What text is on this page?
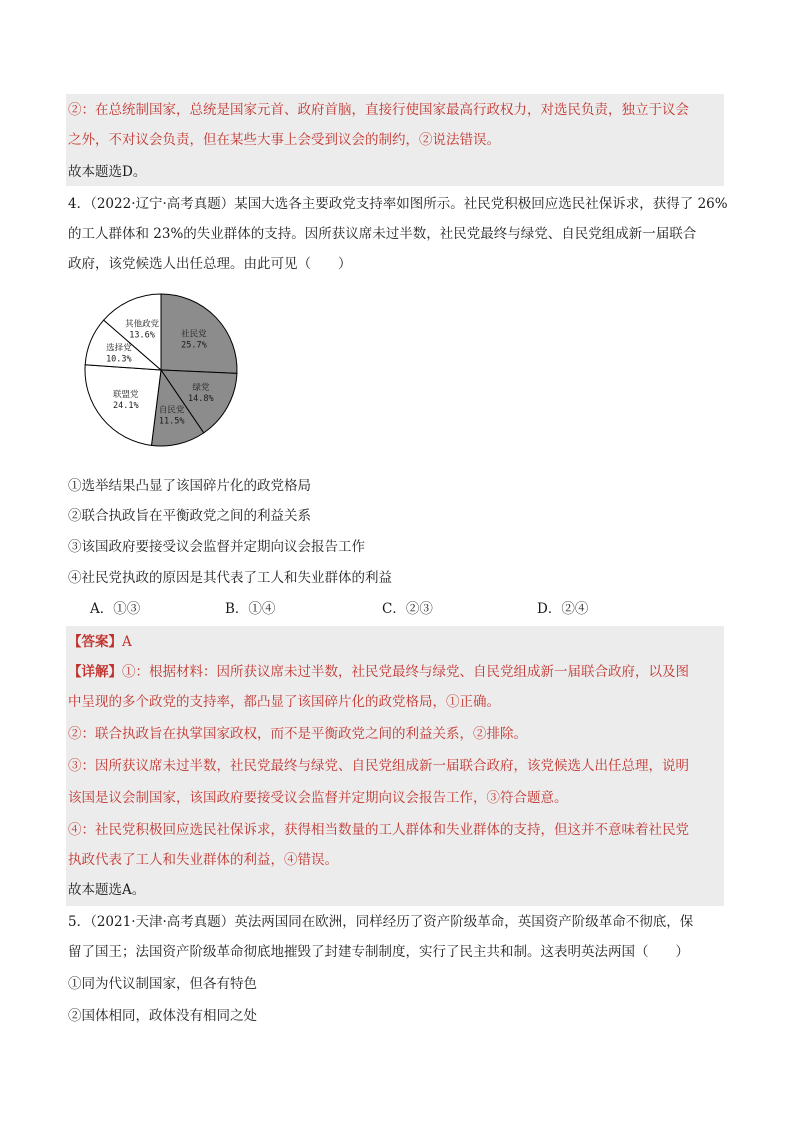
②：在总统制国家，总统是国家元首、政府首脑，直接行使国家最高行政权力，对选民负责，独立于议会
之外，不对议会负责，但在某些大事上会受到议会的制约，②说法错误。
故本题选D。
4．（2022·辽宁·高考真题）某国大选各主要政党支持率如图所示。社民党积极回应选民社保诉求，获得了 26%
的工人群体和 23%的失业群体的支持。因所获议席未过半数，社民党最终与绿党、自民党组成新一届联合
政府，该党候选人出任总理。由此可见（　　）
社民党
25.7%
绿党
14.8%
自民党
11.5%
联盟党
24.1%
选择党
10.3%
其他政党
13.6%
①选举结果凸显了该国碎片化的政党格局
②联合执政旨在平衡政党之间的利益关系
③该国政府要接受议会监督并定期向议会报告工作
④社民党执政的原因是其代表了工人和失业群体的利益
A．①③	B．①④	C．②③	D．②④
【答案】A
【详解】①：根据材料：因所获议席未过半数，社民党最终与绿党、自民党组成新一届联合政府，以及图
中呈现的多个政党的支持率，都凸显了该国碎片化的政党格局，①正确。
②：联合执政旨在执掌国家政权，而不是平衡政党之间的利益关系，②排除。
③：因所获议席未过半数，社民党最终与绿党、自民党组成新一届联合政府，该党候选人出任总理，说明
该国是议会制国家，该国政府要接受议会监督并定期向议会报告工作，③符合题意。
④：社民党积极回应选民社保诉求，获得相当数量的工人群体和失业群体的支持，但这并不意味着社民党
执政代表了工人和失业群体的利益，④错误。
故本题选A。
5．（2021·天津·高考真题）英法两国同在欧洲，同样经历了资产阶级革命，英国资产阶级革命不彻底，保
留了国王；法国资产阶级革命彻底地摧毁了封建专制制度，实行了民主共和制。这表明英法两国（　　）
①同为代议制国家，但各有特色
②国体相同，政体没有相同之处
